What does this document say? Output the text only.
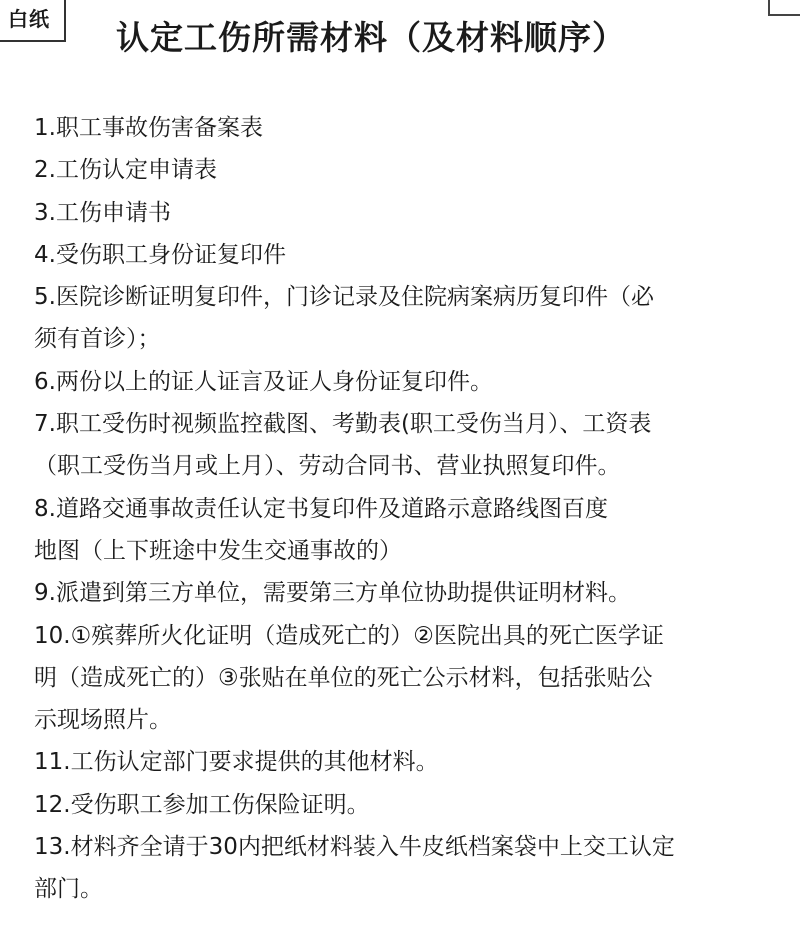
白纸 认定工伤所需材料（及材料顺序）
1.职工事故伤害备案表
2.工伤认定申请表
3.工伤申请书
4.受伤职工身份证复印件
5.医院诊断证明复印件，门诊记录及住院病案病历复印件（必
须有首诊）；
6.两份以上的证人证言及证人身份证复印件。
7.职工受伤时视频监控截图、考勤表(职工受伤当月）、工资表
（职工受伤当月或上月）、劳动合同书、营业执照复印件。
8.道路交通事故责任认定书复印件及道路示意路线图百度
地图（上下班途中发生交通事故的）
9.派遣到第三方单位，需要第三方单位协助提供证明材料。
10.①殡葬所火化证明（造成死亡的）②医院出具的死亡医学证
明（造成死亡的）③张贴在单位的死亡公示材料，包括张贴公
示现场照片。
11.工伤认定部门要求提供的其他材料。
12.受伤职工参加工伤保险证明。
13.材料齐全请于30内把纸材料装入牛皮纸档案袋中上交工认定
部门。
